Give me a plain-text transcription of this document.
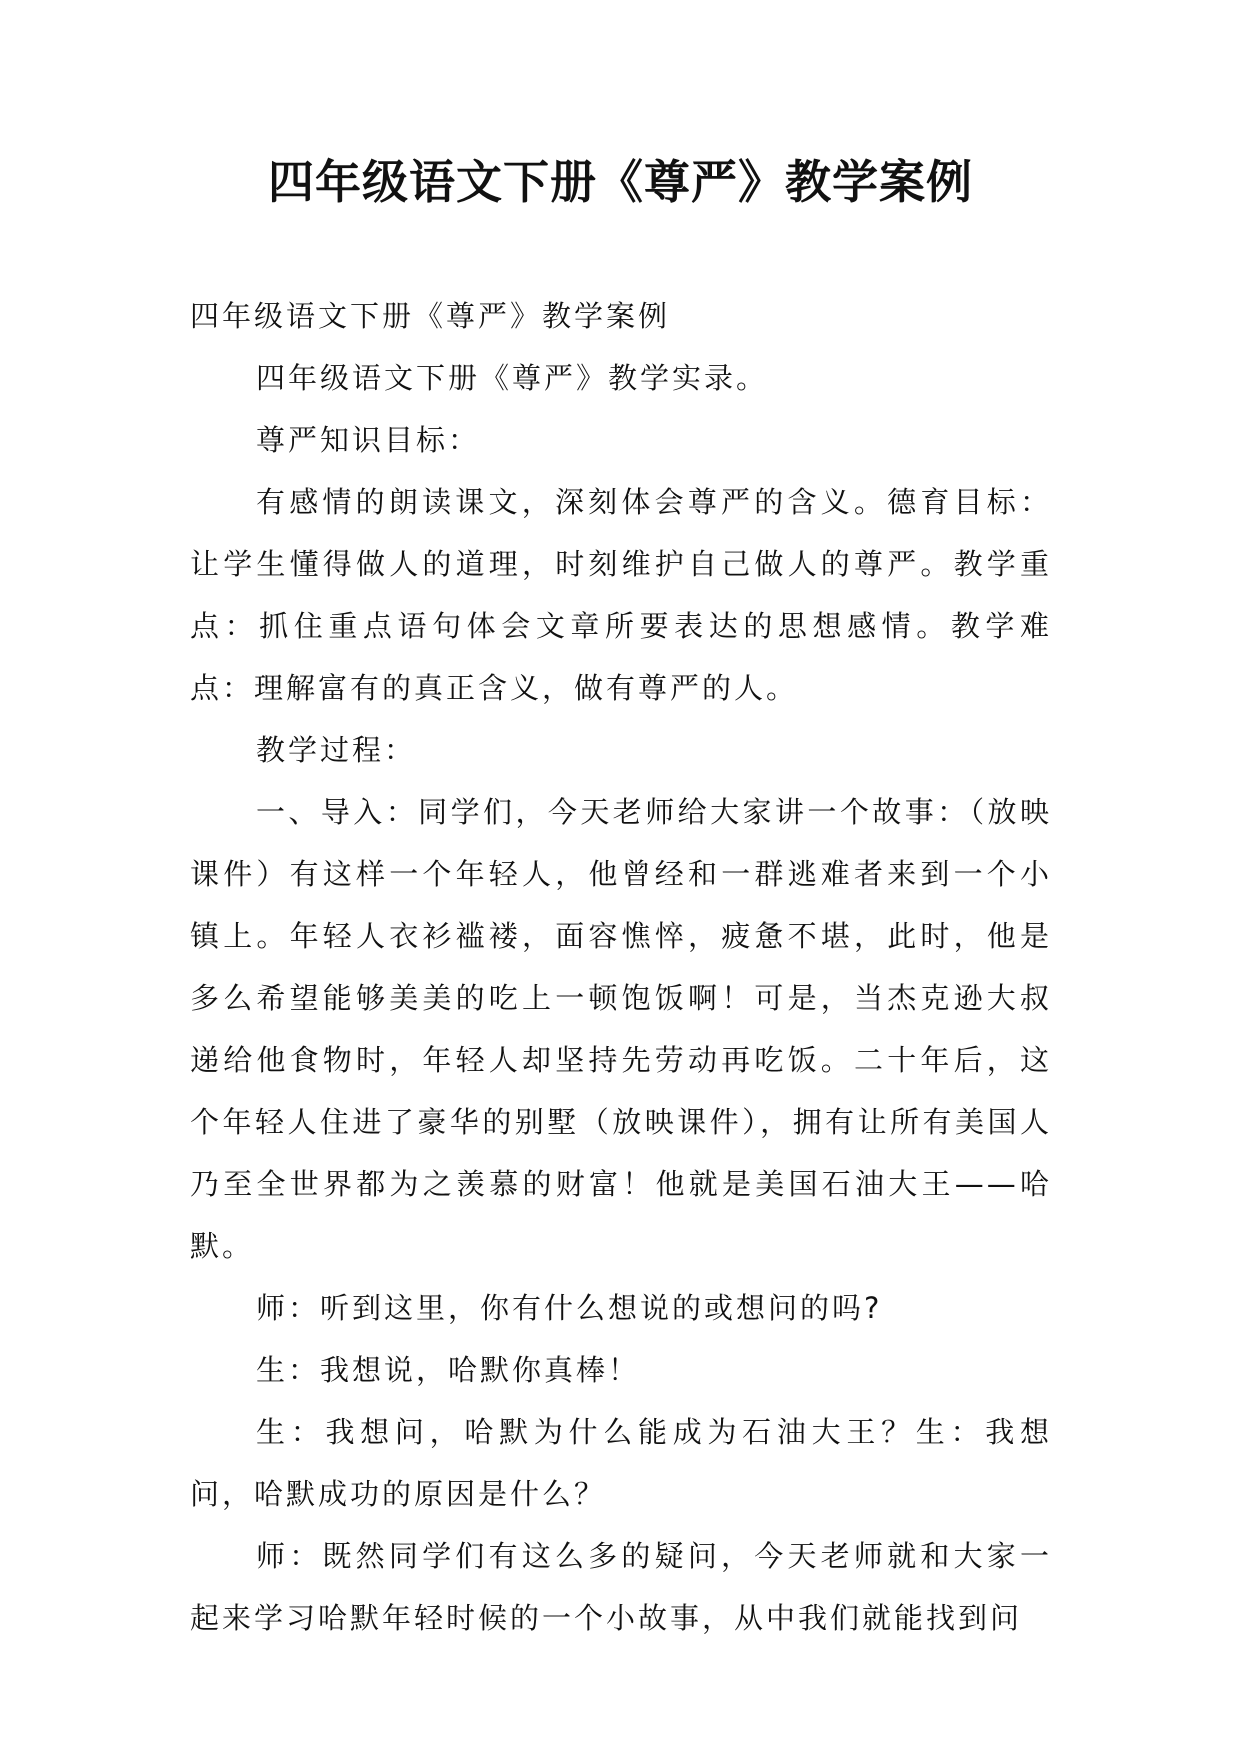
四年级语文下册《尊严》教学案例

四年级语文下册《尊严》教学案例

四年级语文下册《尊严》教学实录。

尊严知识目标：

有感情的朗读课文，深刻体会尊严的含义。德育目标：让学生懂得做人的道理，时刻维护自己做人的尊严。教学重点：抓住重点语句体会文章所要表达的思想感情。教学难点：理解富有的真正含义，做有尊严的人。

教学过程：

一、导入：同学们，今天老师给大家讲一个故事：（放映课件）有这样一个年轻人，他曾经和一群逃难者来到一个小镇上。年轻人衣衫褴褛，面容憔悴，疲惫不堪，此时，他是多么希望能够美美的吃上一顿饱饭啊！可是，当杰克逊大叔递给他食物时，年轻人却坚持先劳动再吃饭。二十年后，这个年轻人住进了豪华的别墅（放映课件），拥有让所有美国人乃至全世界都为之羡慕的财富！他就是美国石油大王——哈默。

师：听到这里，你有什么想说的或想问的吗?

生：我想说，哈默你真棒！

生：我想问，哈默为什么能成为石油大王？生：我想问，哈默成功的原因是什么？

师：既然同学们有这么多的疑问，今天老师就和大家一起来学习哈默年轻时候的一个小故事，从中我们就能找到问
